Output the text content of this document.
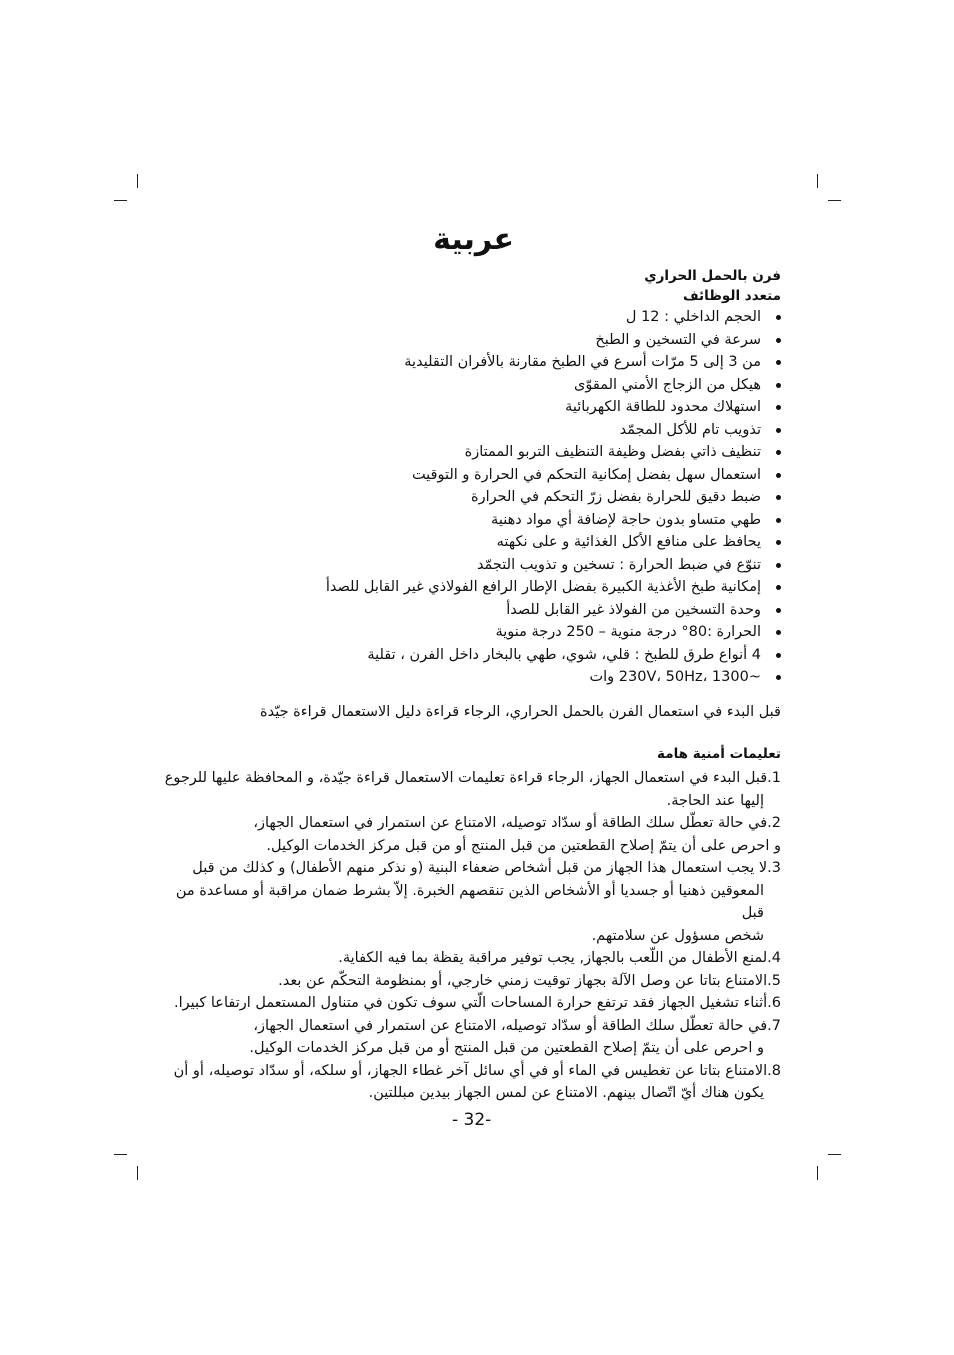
عربية
فرن بالحمل الحراري
متعدد الوظائف
الحجم الداخلي : 12 ل
سرعة في التسخين و الطبخ
من 3 إلى 5 مرّات أسرع في الطبخ مقارنة بالأفران التقليدية
هيكل من الزجاج الأمني المقوّى
استهلاك محدود للطاقة الكهربائية
تذويب تام للأكل المجمّد
تنظيف ذاتي بفضل وظيفة التنظيف التربو الممتازة
استعمال سهل بفضل إمكانية التحكم في الحرارة و التوقيت
ضبط دقيق للحرارة بفضل زرّ التحكم في الحرارة
طهي متساو بدون حاجة لإضافة أي مواد دهنية
يحافظ على منافع الأكل الغذائية و على نكهته
تنوّع في ضبط الحرارة : تسخين و تذويب التجمّد
إمكانية طبخ الأغذية الكبيرة بفضل الإطار الرافع الفولاذي غير القابل للصدأ
وحدة التسخين من الفولاذ غير القابل للصدأ
الحرارة :80° درجة منوية – 250 درجة منوية
4 أنواع طرق للطبخ : قلي، شوي، طهي بالبخار داخل الفرن ، تقلية
~230V، 50Hz، 1300 وات

قبل البدء في استعمال الفرن بالحمل الحراري، الرجاء قراءة دليل الاستعمال قراءة جيّدة

تعليمات أمنية هامة

1.قبل البدء في استعمال الجهاز، الرجاء قراءة تعليمات الاستعمال قراءة جيّدة، و المحافظة عليها للرجوع
إليها عند الحاجة.
2.في حالة تعطّل سلك الطاقة أو سدّاد توصيله، الامتناع عن استمرار في استعمال الجهاز،
و احرص على أن يتمّ إصلاح القطعتين من قبل المنتج أو من قبل مركز الخدمات الوكيل.
3.لا يجب استعمال هذا الجهاز من قبل أشخاص ضعفاء البنية (و نذكر منهم الأطفال) و كذلك من قبل
المعوقين ذهنيا أو جسديا أو الأشخاص الذين تنقصهم الخبرة. إلاّ بشرط ضمان مراقبة أو مساعدة من قبل
شخص مسؤول عن سلامتهم.
4.لمنع الأطفال من اللّعب بالجهاز, يجب توفير مراقبة يقظة بما فيه الكفاية.
5.الامتناع بتاتا عن وصل الآلة بجهاز توقيت زمني خارجي، أو بمنظومة التحكّم عن بعد.
6.أثناء تشغيل الجهاز فقد ترتفع حرارة المساحات الّتي سوف تكون في متناول المستعمل ارتفاعا كبيرا.
7.في حالة تعطّل سلك الطاقة أو سدّاد توصيله، الامتناع عن استمرار في استعمال الجهاز،
و احرص على أن يتمّ إصلاح القطعتين من قبل المنتج أو من قبل مركز الخدمات الوكيل.
8.الامتناع بتاتا عن تغطيس في الماء أو في أي سائل آخر غطاء الجهاز، أو سلكه، أو سدّاد توصيله، أو أن
يكون هناك أيّ اتّصال بينهم. الامتناع عن لمس الجهاز بيدين مبللتين.

- 32-
